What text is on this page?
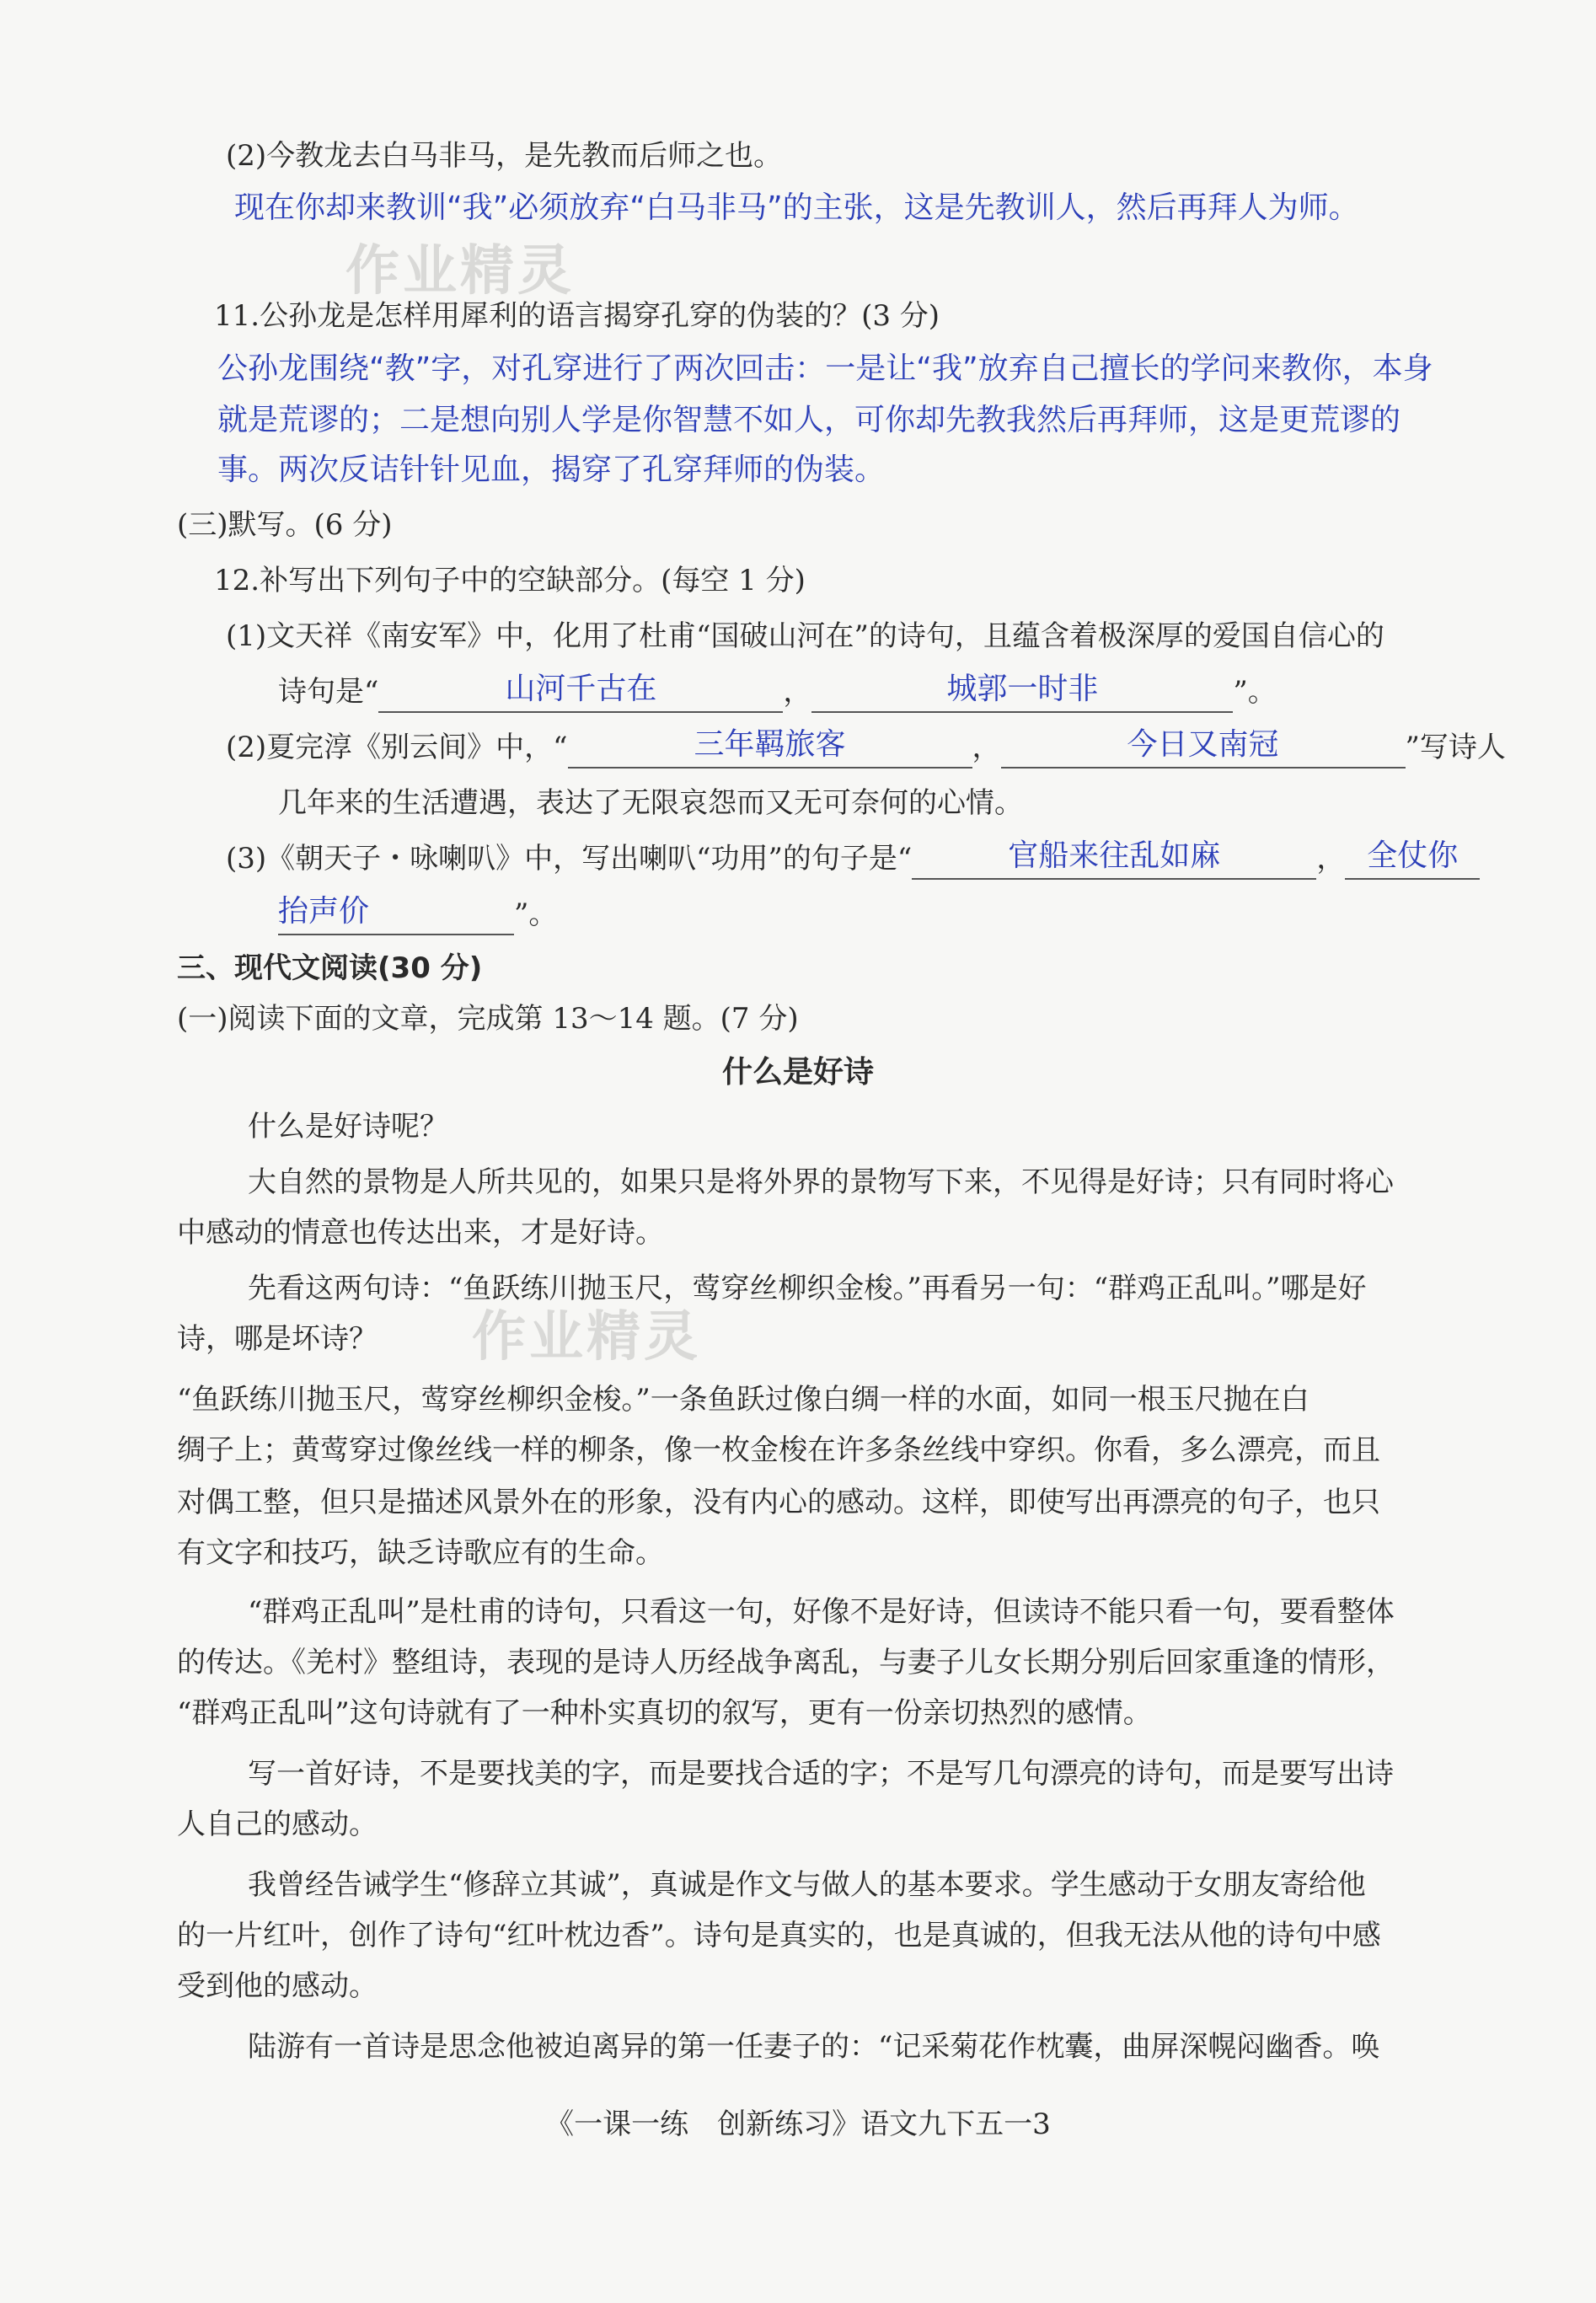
(2)今教龙去白马非马，是先教而后师之也。
现在你却来教训“我”必须放弃“白马非马”的主张，这是先教训人，然后再拜人为师。
作业精灵
11.公孙龙是怎样用犀利的语言揭穿孔穿的伪装的？(3 分)
公孙龙围绕“教”字，对孔穿进行了两次回击：一是让“我”放弃自己擅长的学问来教你，本身
就是荒谬的；二是想向别人学是你智慧不如人，可你却先教我然后再拜师，这是更荒谬的
事。两次反诘针针见血，揭穿了孔穿拜师的伪装。
(三)默写。(6 分)
12.补写出下列句子中的空缺部分。(每空 1 分)
(1)文天祥《南安军》中，化用了杜甫“国破山河在”的诗句，且蕴含着极深厚的爱国自信心的
诗句是“	山河千古在	，	城郭一时非	”。
(2)夏完淳《别云间》中，“	三年羁旅客	，	今日又南冠	”写诗人
几年来的生活遭遇，表达了无限哀怨而又无可奈何的心情。
(3)《朝天子・咏喇叭》中，写出喇叭“功用”的句子是“	官船来往乱如麻	， 全仗你
抬声价	”。
三、现代文阅读(30 分)
(一)阅读下面的文章，完成第 13～14 题。(7 分)
什么是好诗
什么是好诗呢？
大自然的景物是人所共见的，如果只是将外界的景物写下来，不见得是好诗；只有同时将心
中感动的情意也传达出来，才是好诗。
先看这两句诗：“鱼跃练川抛玉尺，莺穿丝柳织金梭。”再看另一句：“群鸡正乱叫。”哪是好
诗，哪是坏诗？ 作业精灵
“鱼跃练川抛玉尺，莺穿丝柳织金梭。”一条鱼跃过像白绸一样的水面，如同一根玉尺抛在白
绸子上；黄莺穿过像丝线一样的柳条，像一枚金梭在许多条丝线中穿织。你看，多么漂亮，而且
对偶工整，但只是描述风景外在的形象，没有内心的感动。这样，即使写出再漂亮的句子，也只
有文字和技巧，缺乏诗歌应有的生命。
“群鸡正乱叫”是杜甫的诗句，只看这一句，好像不是好诗，但读诗不能只看一句，要看整体
的传达。《羌村》整组诗，表现的是诗人历经战争离乱，与妻子儿女长期分别后回家重逢的情形，
“群鸡正乱叫”这句诗就有了一种朴实真切的叙写，更有一份亲切热烈的感情。
写一首好诗，不是要找美的字，而是要找合适的字；不是写几句漂亮的诗句，而是要写出诗
人自己的感动。
我曾经告诫学生“修辞立其诚”，真诚是作文与做人的基本要求。学生感动于女朋友寄给他
的一片红叶，创作了诗句“红叶枕边香”。诗句是真实的，也是真诚的，但我无法从他的诗句中感
受到他的感动。
陆游有一首诗是思念他被迫离异的第一任妻子的：“记采菊花作枕囊，曲屏深幌闷幽香。唤
《一课一练　创新练习》语文九下五一3
